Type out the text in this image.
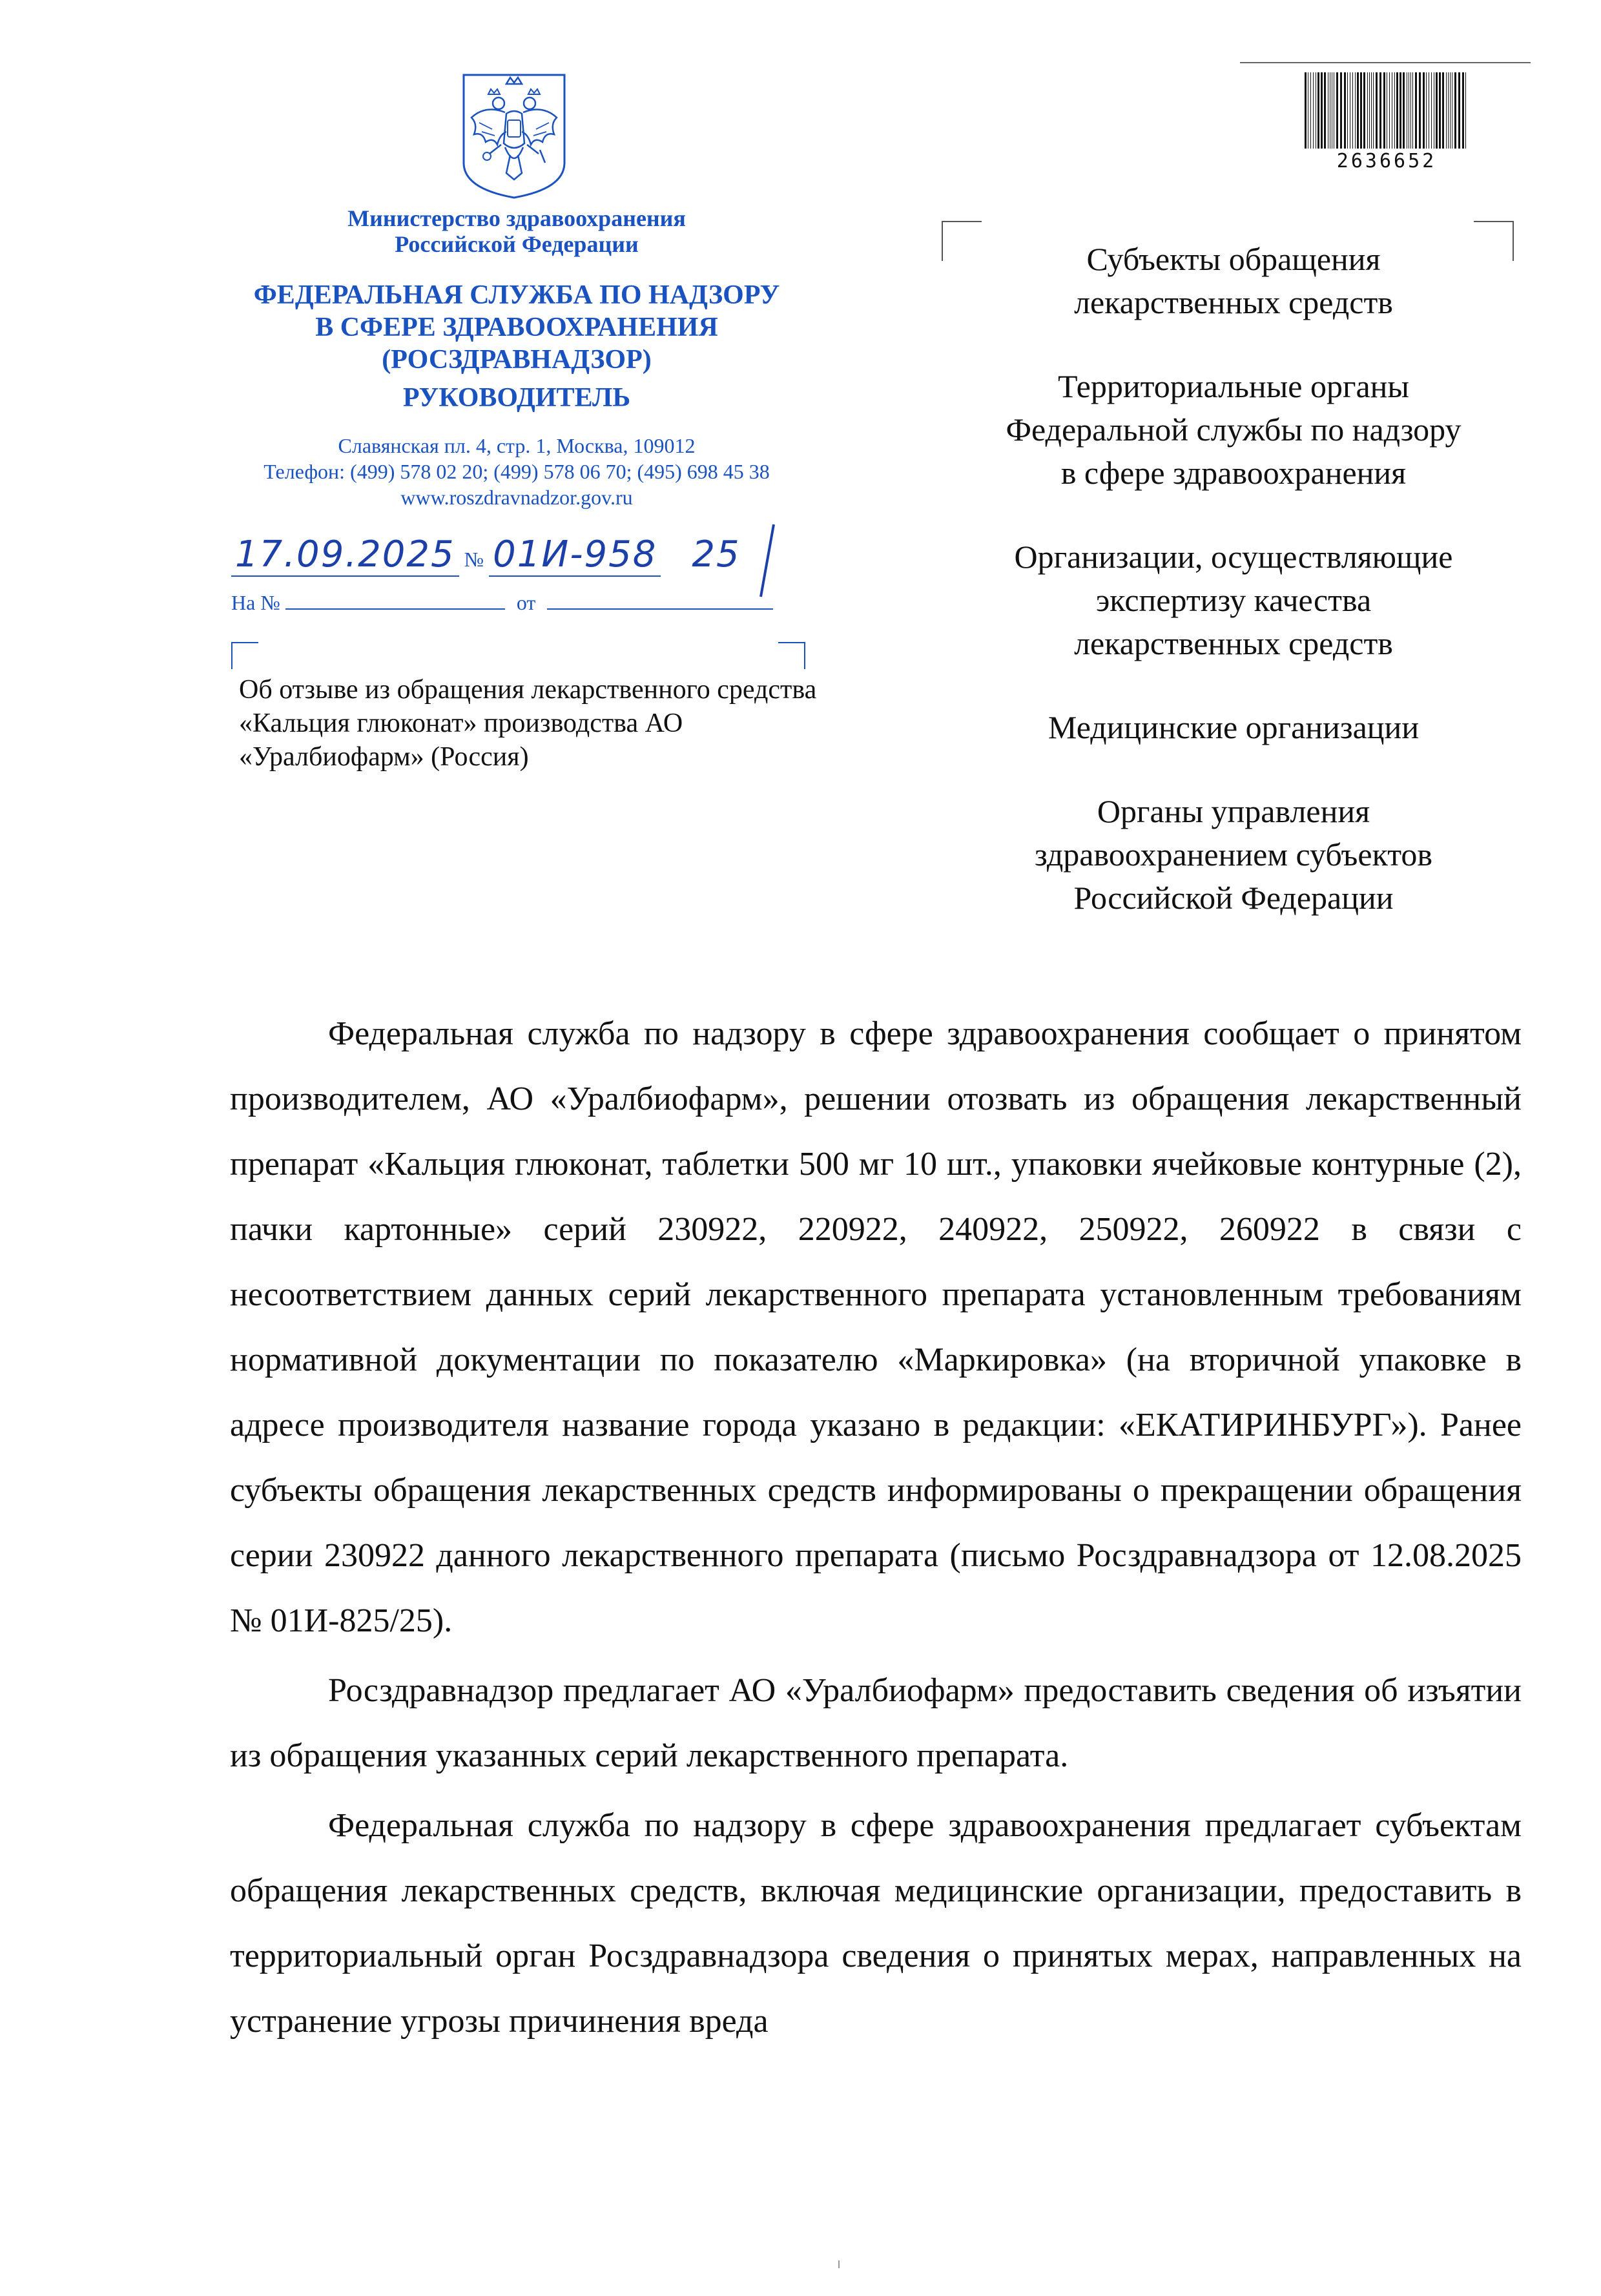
Министерство здравоохранения
Российской Федерации
ФЕДЕРАЛЬНАЯ СЛУЖБА ПО НАДЗОРУ
В СФЕРЕ ЗДРАВООХРАНЕНИЯ
(РОСЗДРАВНАДЗОР)
РУКОВОДИТЕЛЬ
Славянская пл. 4, стр. 1, Москва, 109012
Телефон: (499) 578 02 20; (499) 578 06 70; (495) 698 45 38
www.roszdravnadzor.gov.ru
17.09.2025 № 01И-958 25
На №	от
Об отзыве из обращения лекарственного средства «Кальция глюконат» производства АО «Уралбиофарм» (Россия)
2636652
Субъекты обращения
лекарственных средств
Территориальные органы
Федеральной службы по надзору
в сфере здравоохранения
Организации, осуществляющие
экспертизу качества
лекарственных средств
Медицинские организации
Органы управления
здравоохранением субъектов
Российской Федерации

Федеральная служба по надзору в сфере здравоохранения сообщает о принятом производителем, АО «Уралбиофарм», решении отозвать из обращения лекарственный препарат «Кальция глюконат, таблетки 500 мг 10 шт., упаковки ячейковые контурные (2), пачки картонные» серий 230922, 220922, 240922, 250922, 260922 в связи с несоответствием данных серий лекарственного препарата установленным требованиям нормативной документации по показателю «Маркировка» (на вторичной упаковке в адресе производителя название города указано в редакции: «ЕКАТИРИНБУРГ»). Ранее субъекты обращения лекарственных средств информированы о прекращении обращения серии 230922 данного лекарственного препарата (письмо Росздравнадзора от 12.08.2025 № 01И-825/25).

Росздравнадзор предлагает АО «Уралбиофарм» предоставить сведения об изъятии из обращения указанных серий лекарственного препарата.

Федеральная служба по надзору в сфере здравоохранения предлагает субъектам обращения лекарственных средств, включая медицинские организации, предоставить в территориальный орган Росздравнадзора сведения о принятых мерах, направленных на устранение угрозы причинения вреда
